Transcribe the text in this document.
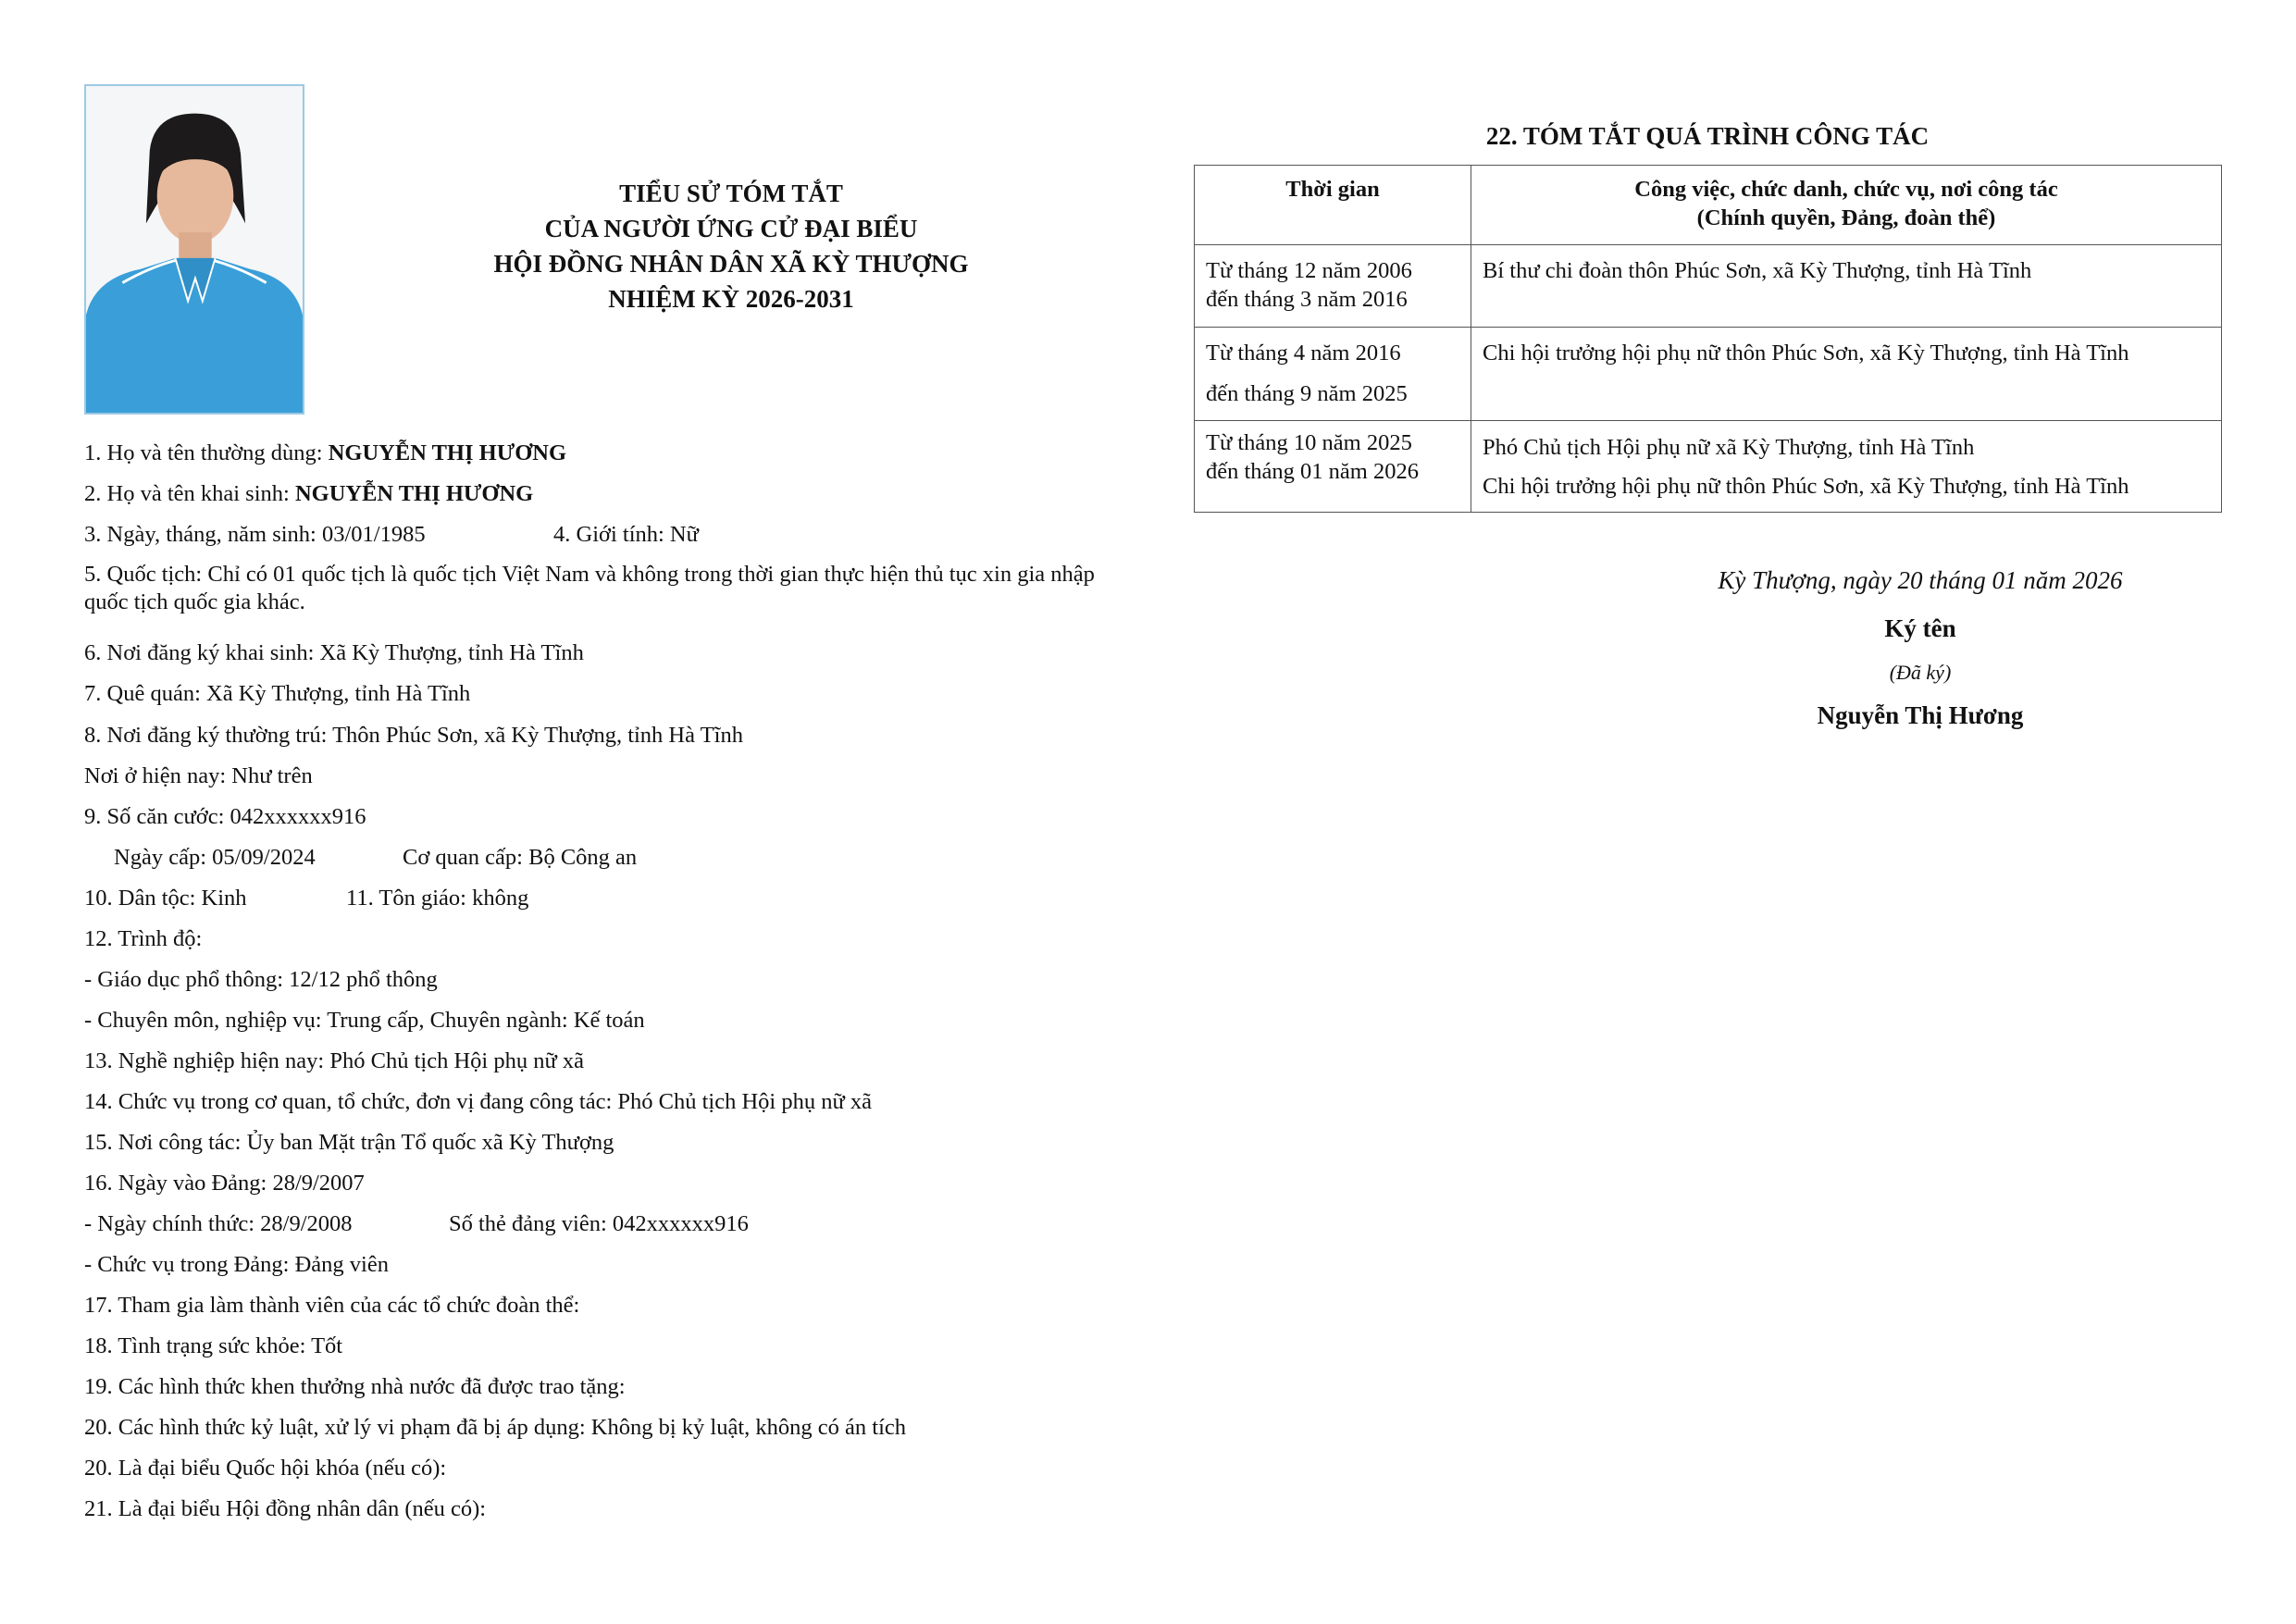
TIỂU SỬ TÓM TẮT
CỦA NGƯỜI ỨNG CỬ ĐẠI BIỂU
HỘI ĐỒNG NHÂN DÂN XÃ KỲ THƯỢNG
NHIỆM KỲ 2026-2031
1. Họ và tên thường dùng: NGUYỄN THỊ HƯƠNG
2. Họ và tên khai sinh: NGUYỄN THỊ HƯƠNG
3. Ngày, tháng, năm sinh: 03/01/1985	4. Giới tính: Nữ
5. Quốc tịch: Chỉ có 01 quốc tịch là quốc tịch Việt Nam và không trong thời gian thực hiện thủ tục xin gia nhập quốc tịch quốc gia khác.
6. Nơi đăng ký khai sinh: Xã Kỳ Thượng, tỉnh Hà Tĩnh
7. Quê quán: Xã Kỳ Thượng, tỉnh Hà Tĩnh
8. Nơi đăng ký thường trú: Thôn Phúc Sơn, xã Kỳ Thượng, tỉnh Hà Tĩnh
Nơi ở hiện nay: Như trên
9. Số căn cước: 042xxxxxx916
Ngày cấp: 05/09/2024	Cơ quan cấp: Bộ Công an
10. Dân tộc: Kinh	11. Tôn giáo: không
12. Trình độ:
- Giáo dục phổ thông: 12/12 phổ thông
- Chuyên môn, nghiệp vụ: Trung cấp, Chuyên ngành: Kế toán
13. Nghề nghiệp hiện nay: Phó Chủ tịch Hội phụ nữ xã
14. Chức vụ trong cơ quan, tổ chức, đơn vị đang công tác: Phó Chủ tịch Hội phụ nữ xã
15. Nơi công tác: Ủy ban Mặt trận Tổ quốc xã Kỳ Thượng
16. Ngày vào Đảng: 28/9/2007
- Ngày chính thức: 28/9/2008	Số thẻ đảng viên: 042xxxxxx916
- Chức vụ trong Đảng: Đảng viên
17. Tham gia làm thành viên của các tổ chức đoàn thể:
18. Tình trạng sức khỏe: Tốt
19. Các hình thức khen thưởng nhà nước đã được trao tặng:
20. Các hình thức kỷ luật, xử lý vi phạm đã bị áp dụng: Không bị kỷ luật, không có án tích
20. Là đại biểu Quốc hội khóa (nếu có):
21. Là đại biểu Hội đồng nhân dân (nếu có):
22. TÓM TẮT QUÁ TRÌNH CÔNG TÁC
Thời gian	Công việc, chức danh, chức vụ, nơi công tác
(Chính quyền, Đảng, đoàn thể)
Từ tháng 12 năm 2006
đến tháng 3 năm 2016	Bí thư chi đoàn thôn Phúc Sơn, xã Kỳ Thượng, tỉnh Hà Tĩnh
Từ tháng 4 năm 2016
đến tháng 9 năm 2025	Chi hội trưởng hội phụ nữ thôn Phúc Sơn, xã Kỳ Thượng, tỉnh Hà Tĩnh
Từ tháng 10 năm 2025
đến tháng 01 năm 2026	Phó Chủ tịch Hội phụ nữ xã Kỳ Thượng, tỉnh Hà Tĩnh
Chi hội trưởng hội phụ nữ thôn Phúc Sơn, xã Kỳ Thượng, tỉnh Hà Tĩnh
Kỳ Thượng, ngày 20 tháng 01 năm 2026
Ký tên
(Đã ký)
Nguyễn Thị Hương
